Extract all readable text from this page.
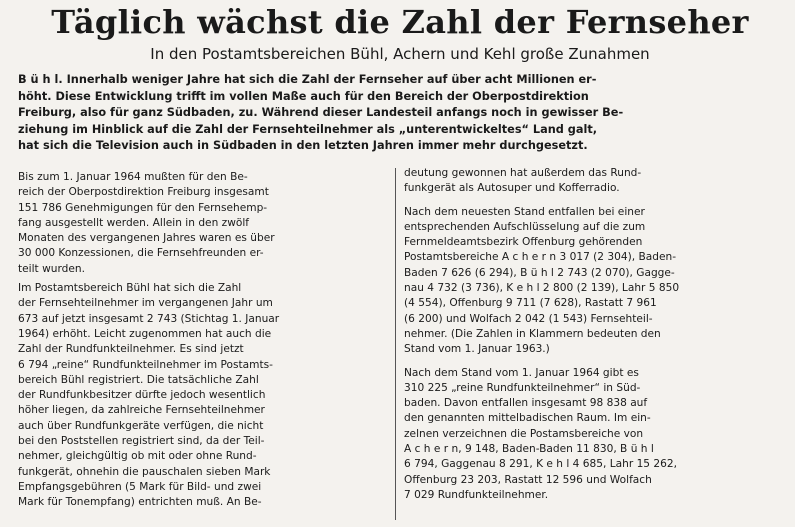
Täglich wächst die Zahl der Fernseher
In den Postamtsbereichen Bühl, Achern und Kehl große Zunahmen
B ü h l. Innerhalb weniger Jahre hat sich die Zahl der Fernseher auf über acht Millionen er-
höht. Diese Entwicklung trifft im vollen Maße auch für den Bereich der Oberpostdirektion
Freiburg, also für ganz Südbaden, zu. Während dieser Landesteil anfangs noch in gewisser Be-
ziehung im Hinblick auf die Zahl der Fernsehteilnehmer als „unterentwickeltes“ Land galt,
hat sich die Television auch in Südbaden in den letzten Jahren immer mehr durchgesetzt.
Bis zum 1. Januar 1964 mußten für den Be-
reich der Oberpostdirektion Freiburg insgesamt
151 786 Genehmigungen für den Fernsehemp-
fang ausgestellt werden. Allein in den zwölf
Monaten des vergangenen Jahres waren es über
30 000 Konzessionen, die Fernsehfreunden er-
teilt wurden.
Im Postamtsbereich Bühl hat sich die Zahl
der Fernsehteilnehmer im vergangenen Jahr um
673 auf jetzt insgesamt 2 743 (Stichtag 1. Januar
1964) erhöht. Leicht zugenommen hat auch die
Zahl der Rundfunkteilnehmer. Es sind jetzt
6 794 „reine“ Rundfunkteilnehmer im Postamts-
bereich Bühl registriert. Die tatsächliche Zahl
der Rundfunkbesitzer dürfte jedoch wesentlich
höher liegen, da zahlreiche Fernsehteilnehmer
auch über Rundfunkgeräte verfügen, die nicht
bei den Poststellen registriert sind, da der Teil-
nehmer, gleichgültig ob mit oder ohne Rund-
funkgerät, ohnehin die pauschalen sieben Mark
Empfangsgebühren (5 Mark für Bild- und zwei
Mark für Tonempfang) entrichten muß. An Be-
deutung gewonnen hat außerdem das Rund-
funkgerät als Autosuper und Kofferradio.
Nach dem neuesten Stand entfallen bei einer
entsprechenden Aufschlüsselung auf die zum
Fernmeldeamtsbezirk Offenburg gehörenden
Postamtsbereiche A c h e r n 3 017 (2 304), Baden-
Baden 7 626 (6 294), B ü h l 2 743 (2 070), Gagge-
nau 4 732 (3 736), K e h l 2 800 (2 139), Lahr 5 850
(4 554), Offenburg 9 711 (7 628), Rastatt 7 961
(6 200) und Wolfach 2 042 (1 543) Fernsehteil-
nehmer. (Die Zahlen in Klammern bedeuten den
Stand vom 1. Januar 1963.)
Nach dem Stand vom 1. Januar 1964 gibt es
310 225 „reine Rundfunkteilnehmer“ in Süd-
baden. Davon entfallen insgesamt 98 838 auf
den genannten mittelbadischen Raum. Im ein-
zelnen verzeichnen die Postamsbereiche von
A c h e r n, 9 148, Baden-Baden 11 830, B ü h l
6 794, Gaggenau 8 291, K e h l 4 685, Lahr 15 262,
Offenburg 23 203, Rastatt 12 596 und Wolfach
7 029 Rundfunkteilnehmer.
